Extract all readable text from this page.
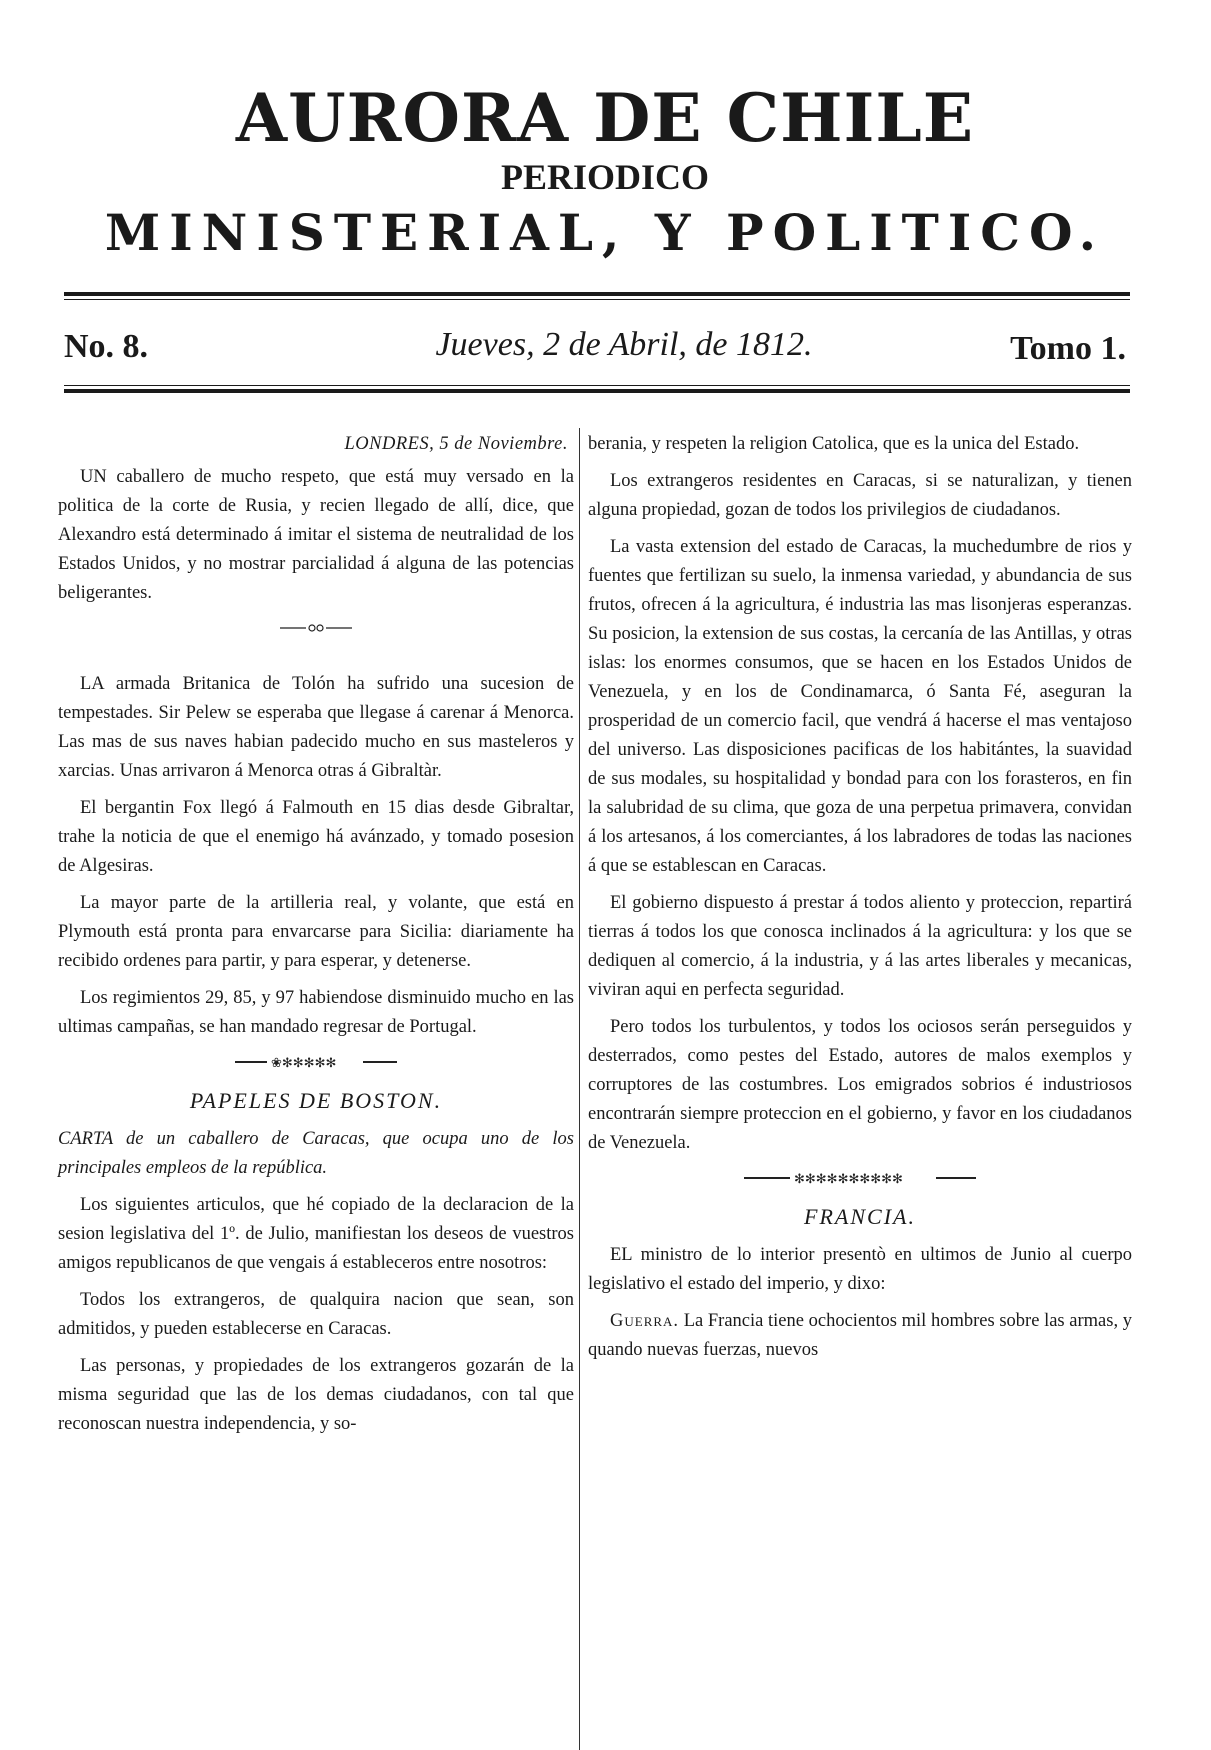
AURORA DE CHILE
PERIODICO
MINISTERIAL, Y POLITICO.
No. 8.	Jueves, 2 de Abril, de 1812.	Tomo 1.
LONDRES, 5 de Noviembre.

UN caballero de mucho respeto, que está muy versado en la politica de la corte de Rusia, y recien llegado de allí, dice, que Alexandro está determinado á imitar el sistema de neutralidad de los Estados Unidos, y no mostrar parcialidad á alguna de las potencias beligerantes.

LA armada Britanica de Tolón ha sufrido una sucesion de tempestades. Sir Pelew se esperaba que llegase á carenar á Menorca. Las mas de sus naves habian padecido mucho en sus masteleros y xarcias. Unas arrivaron á Menorca otras á Gibraltàr.

El bergantin Fox llegó á Falmouth en 15 dias desde Gibraltar, trahe la noticia de que el enemigo há avánzado, y tomado posesion de Algesiras.

La mayor parte de la artilleria real, y volante, que está en Plymouth está pronta para envarcarse para Sicilia: diariamente ha recibido ordenes para partir, y para esperar, y detenerse.

Los regimientos 29, 85, y 97 habiendose disminuido mucho en las ultimas campañas, se han mandado regresar de Portugal.

❀✻✻✻✻✻
PAPELES DE BOSTON.

CARTA de un caballero de Caracas, que ocupa uno de los principales empleos de la república.

Los siguientes articulos, que hé copiado de la declaracion de la sesion legislativa del 1º. de Julio, manifiestan los deseos de vuestros amigos republicanos de que vengais á estableceros entre nosotros:

Todos los extrangeros, de qualquira nacion que sean, son admitidos, y pueden establecerse en Caracas.

Las personas, y propiedades de los extrangeros gozarán de la misma seguridad que las de los demas ciudadanos, con tal que reconoscan nuestra independencia, y so-

berania, y respeten la religion Catolica, que es la unica del Estado.

Los extrangeros residentes en Caracas, si se naturalizan, y tienen alguna propiedad, gozan de todos los privilegios de ciudadanos.

La vasta extension del estado de Caracas, la muchedumbre de rios y fuentes que fertilizan su suelo, la inmensa variedad, y abundancia de sus frutos, ofrecen á la agricultura, é industria las mas lisonjeras esperanzas. Su posicion, la extension de sus costas, la cercanía de las Antillas, y otras islas: los enormes consumos, que se hacen en los Estados Unidos de Venezuela, y en los de Condinamarca, ó Santa Fé, aseguran la prosperidad de un comercio facil, que vendrá á hacerse el mas ventajoso del universo. Las disposiciones pacificas de los habitántes, la suavidad de sus modales, su hospitalidad y bondad para con los forasteros, en fin la salubridad de su clima, que goza de una perpetua primavera, convidan á los artesanos, á los comerciantes, á los labradores de todas las naciones á que se establescan en Caracas.

El gobierno dispuesto á prestar á todos aliento y proteccion, repartirá tierras á todos los que conosca inclinados á la agricultura: y los que se dediquen al comercio, á la industria, y á las artes liberales y mecanicas, viviran aqui en perfecta seguridad.

Pero todos los turbulentos, y todos los ociosos serán perseguidos y desterrados, como pestes del Estado, autores de malos exemplos y corruptores de las costumbres. Los emigrados sobrios é industriosos encontrarán siempre proteccion en el gobierno, y favor en los ciudadanos de Venezuela.

✻✻✻✻✻✻✻✻✻✻
FRANCIA.

EL ministro de lo interior presentò en ultimos de Junio al cuerpo legislativo el estado del imperio, y dixo:

Guerra. La Francia tiene ochocientos mil hombres sobre las armas, y quando nuevas fuerzas, nuevos
